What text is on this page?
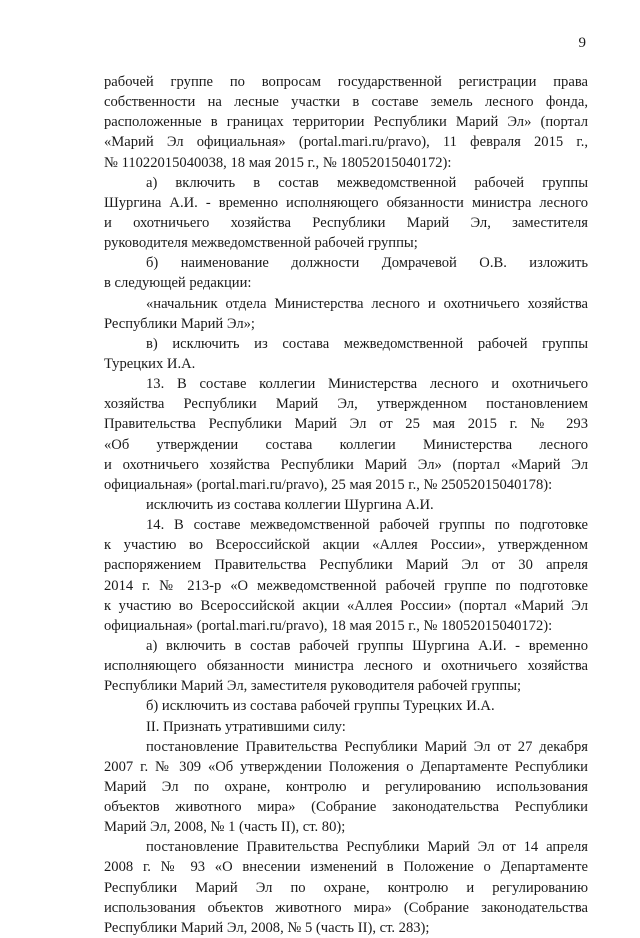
9
рабочей группе по вопросам государственной регистрации права
собственности на лесные участки в составе земель лесного фонда,
расположенные в границах территории Республики Марий Эл» (портал
«Марий Эл официальная» (portal.mari.ru/pravo), 11 февраля 2015 г.,
№ 11022015040038, 18 мая 2015 г., № 18052015040172):
а) включить в состав межведомственной рабочей группы
Шургина А.И. - временно исполняющего обязанности министра лесного
и охотничьего хозяйства Республики Марий Эл, заместителя
руководителя межведомственной рабочей группы;
б) наименование должности Домрачевой О.В. изложить
в следующей редакции:
«начальник отдела Министерства лесного и охотничьего хозяйства
Республики Марий Эл»;
в) исключить из состава межведомственной рабочей группы
Турецких И.А.
13. В составе коллегии Министерства лесного и охотничьего
хозяйства Республики Марий Эл, утвержденном постановлением
Правительства Республики Марий Эл от 25 мая 2015 г. № 293
«Об утверждении состава коллегии Министерства лесного
и охотничьего хозяйства Республики Марий Эл» (портал «Марий Эл
официальная» (portal.mari.ru/pravo), 25 мая 2015 г., № 25052015040178):
исключить из состава коллегии Шургина А.И.
14. В составе межведомственной рабочей группы по подготовке
к участию во Всероссийской акции «Аллея России», утвержденном
распоряжением Правительства Республики Марий Эл от 30 апреля
2014 г. № 213-р «О межведомственной рабочей группе по подготовке
к участию во Всероссийской акции «Аллея России» (портал «Марий Эл
официальная» (portal.mari.ru/pravo), 18 мая 2015 г., № 18052015040172):
а) включить в состав рабочей группы Шургина А.И. - временно
исполняющего обязанности министра лесного и охотничьего хозяйства
Республики Марий Эл, заместителя руководителя рабочей группы;
б) исключить из состава рабочей группы Турецких И.А.
II. Признать утратившими силу:
постановление Правительства Республики Марий Эл от 27 декабря
2007 г. № 309 «Об утверждении Положения о Департаменте Республики
Марий Эл по охране, контролю и регулированию использования
объектов животного мира» (Собрание законодательства Республики
Марий Эл, 2008, № 1 (часть II), ст. 80);
постановление Правительства Республики Марий Эл от 14 апреля
2008 г. № 93 «О внесении изменений в Положение о Департаменте
Республики Марий Эл по охране, контролю и регулированию
использования объектов животного мира» (Собрание законодательства
Республики Марий Эл, 2008, № 5 (часть II), ст. 283);
